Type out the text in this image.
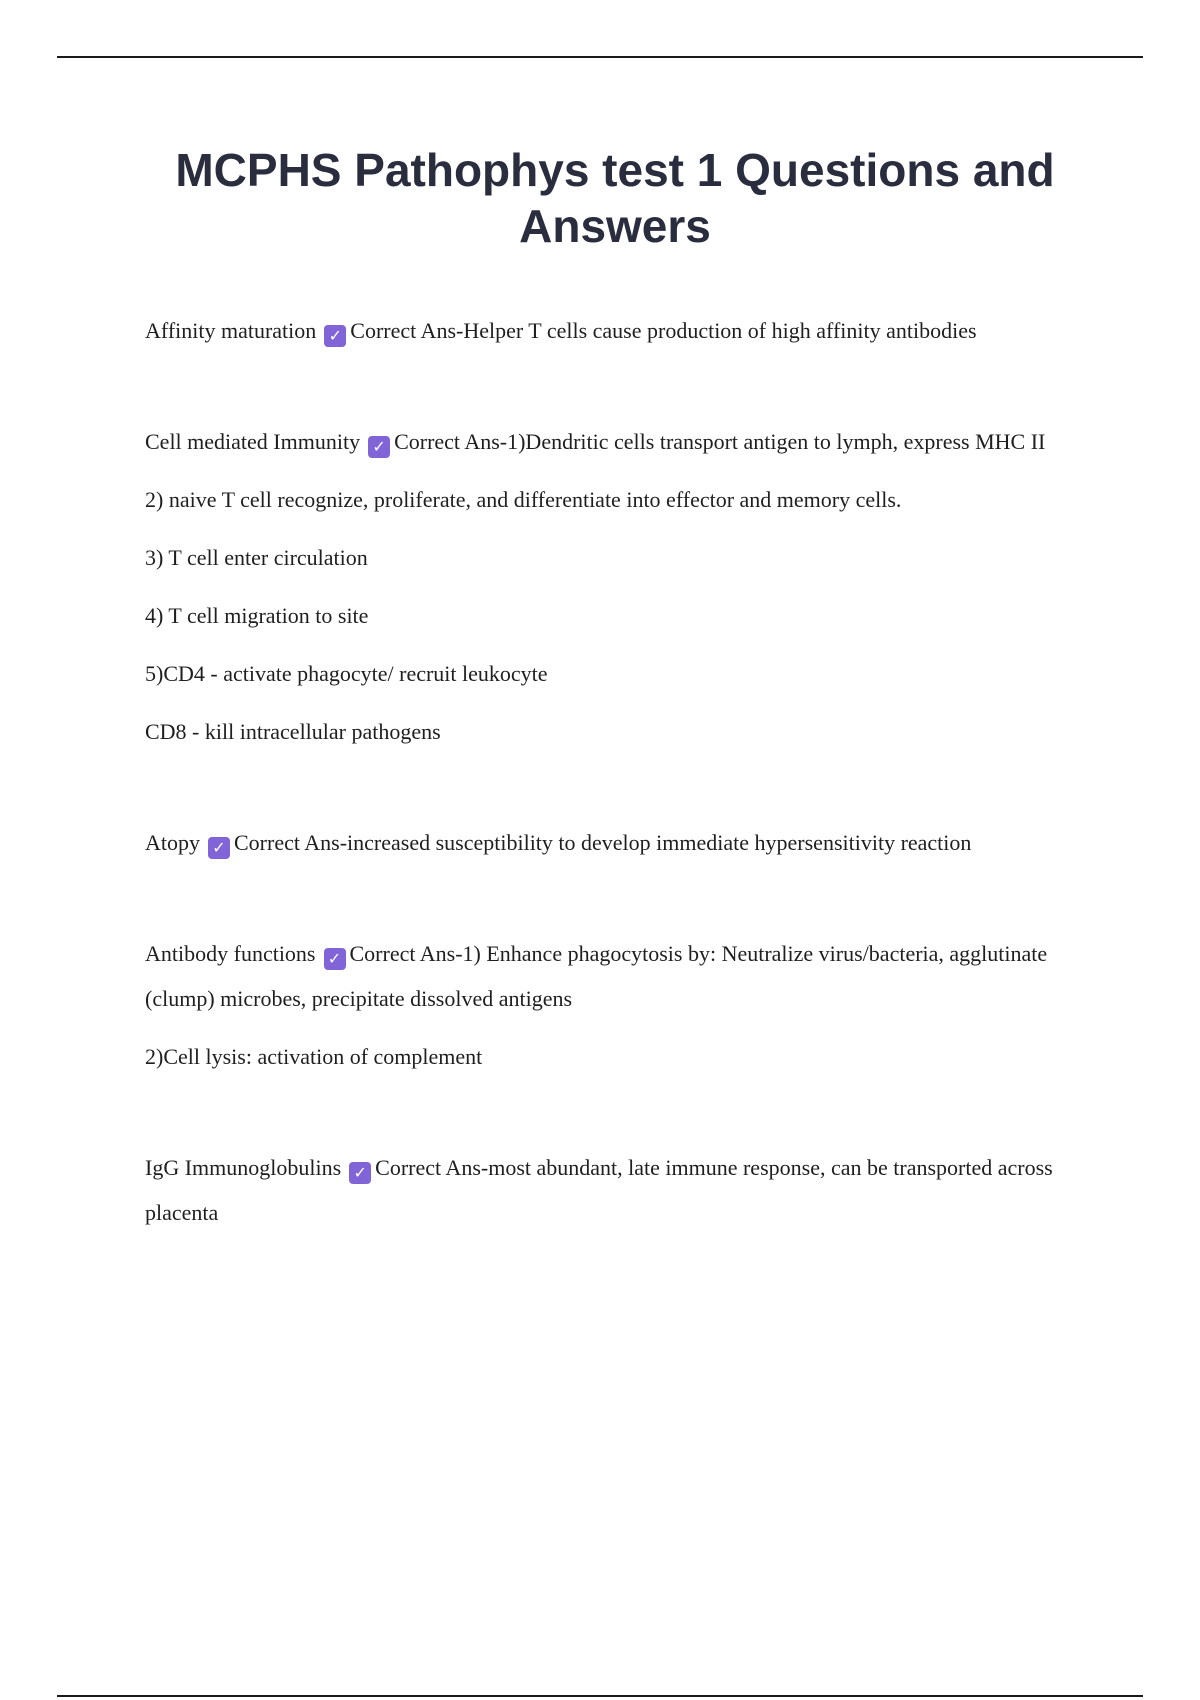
MCPHS Pathophys test 1 Questions and Answers

Affinity maturation ✓ Correct Ans-Helper T cells cause production of high affinity antibodies

Cell mediated Immunity ✓ Correct Ans-1)Dendritic cells transport antigen to lymph, express MHC II

2) naive T cell recognize, proliferate, and differentiate into effector and memory cells.

3) T cell enter circulation

4) T cell migration to site

5)CD4 - activate phagocyte/ recruit leukocyte

CD8 - kill intracellular pathogens

Atopy ✓ Correct Ans-increased susceptibility to develop immediate hypersensitivity reaction

Antibody functions ✓ Correct Ans-1) Enhance phagocytosis by: Neutralize virus/bacteria, agglutinate (clump) microbes, precipitate dissolved antigens

2)Cell lysis: activation of complement

IgG Immunoglobulins ✓ Correct Ans-most abundant, late immune response, can be transported across placenta
